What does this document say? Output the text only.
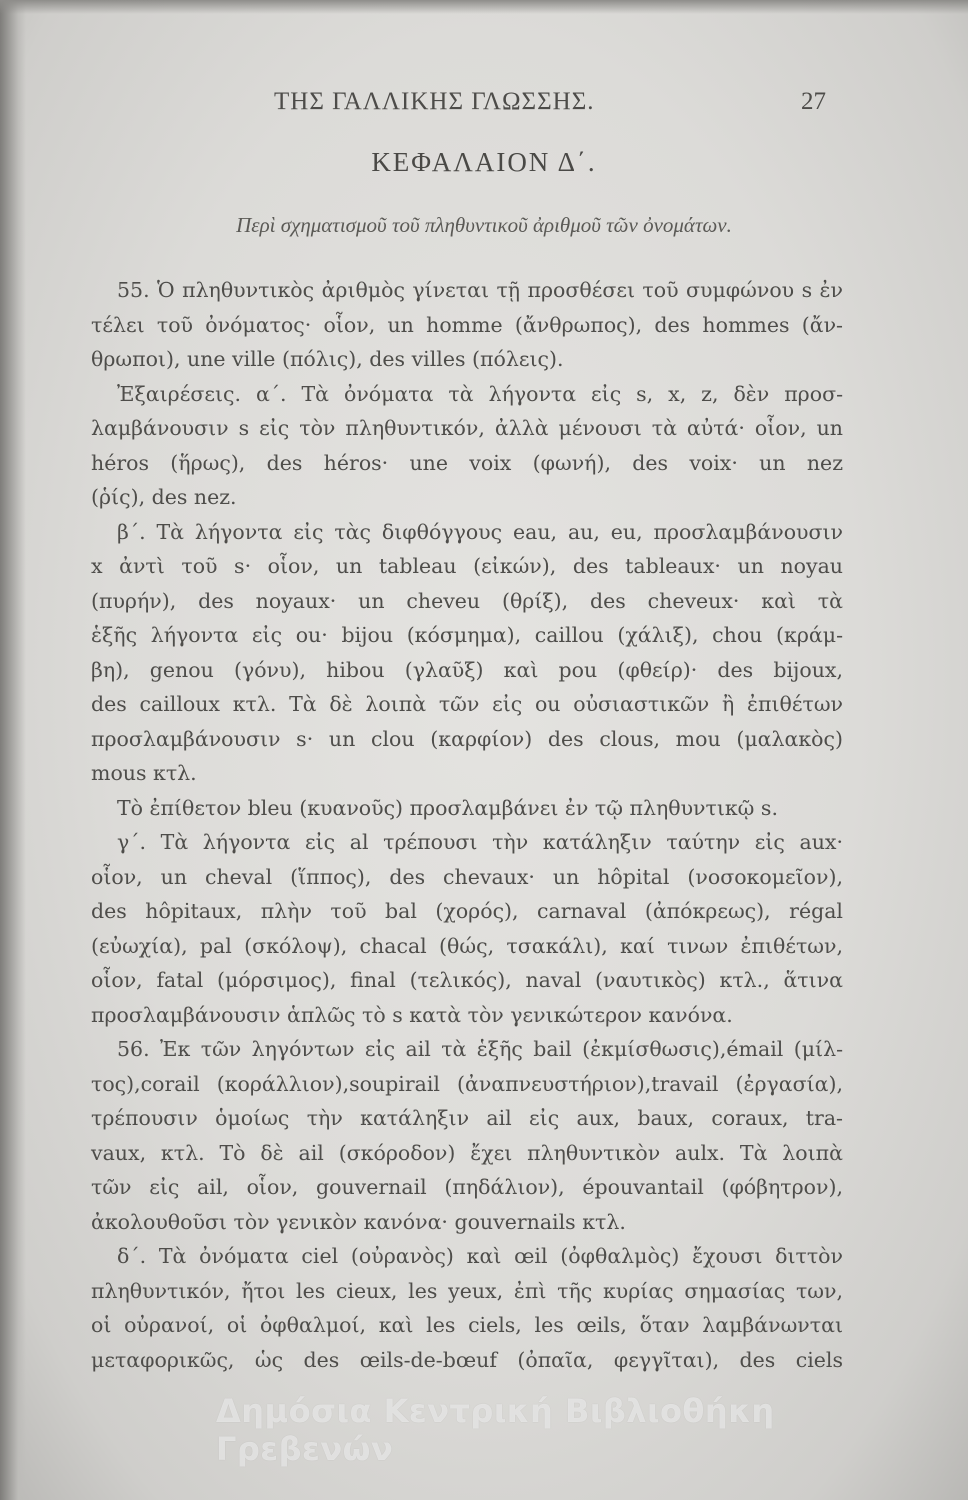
ΤΗΣ ΓΑΛΛΙΚΗΣ ΓΛΩΣΣΗΣ.	27
ΚΕΦΑΛΑΙΟΝ Δ΄.
Περὶ σχηματισμοῦ τοῦ πληθυντικοῦ ἀριθμοῦ τῶν ὀνομάτων.
55. Ὁ πληθυντικὸς ἀριθμὸς γίνεται τῇ προσθέσει τοῦ συμφώνου s ἐν
τέλει τοῦ ὀνόματος· οἷον, un homme (ἄνθρωπος), des hommes (ἄν-
θρωποι), une ville (πόλις), des villes (πόλεις).
Ἐξαιρέσεις. α΄. Τὰ ὀνόματα τὰ λήγοντα εἰς s, x, z, δὲν προσ-
λαμβάνουσιν s εἰς τὸν πληθυντικόν, ἀλλὰ μένουσι τὰ αὐτά· οἷον, un
héros (ἥρως), des héros· une voix (φωνή), des voix· un nez
(ῥίς), des nez.
β΄. Τὰ λήγοντα εἰς τὰς διφθόγγους eau, au, eu, προσλαμβάνουσιν
x ἀντὶ τοῦ s· οἷον, un tableau (εἰκών), des tableaux· un noyau
(πυρήν), des noyaux· un cheveu (θρίξ), des cheveux· καὶ τὰ
ἑξῆς λήγοντα εἰς ou· bijou (κόσμημα), caillou (χάλιξ), chou (κράμ-
βη), genou (γόνυ), hibou (γλαῦξ) καὶ pou (φθείρ)· des bijoux,
des cailloux κτλ. Τὰ δὲ λοιπὰ τῶν εἰς ou οὐσιαστικῶν ἢ ἐπιθέτων
προσλαμβάνουσιν s· un clou (καρφίον) des clous, mou (μαλακὸς)
mous κτλ.
Τὸ ἐπίθετον bleu (κυανοῦς) προσλαμβάνει ἐν τῷ πληθυντικῷ s.
γ΄. Τὰ λήγοντα εἰς al τρέπουσι τὴν κατάληξιν ταύτην εἰς aux·
οἷον, un cheval (ἵππος), des chevaux· un hôpital (νοσοκομεῖον),
des hôpitaux, πλὴν τοῦ bal (χορός), carnaval (ἀπόκρεως), régal
(εὐωχία), pal (σκόλοψ), chacal (θώς, τσακάλι), καί τινων ἐπιθέτων,
οἷον, fatal (μόρσιμος), final (τελικός), naval (ναυτικὸς) κτλ., ἅτινα
προσλαμβάνουσιν ἁπλῶς τὸ s κατὰ τὸν γενικώτερον κανόνα.
56. Ἐκ τῶν λη‍γόντων εἰς ail τὰ ἑξῆς bail (ἐκμίσθωσις),émail (μίλ-
τος),corail (κοράλλιον),soupirail (ἀναπνευστήριον),travail (ἐργασία),
τρέπουσιν ὁμοίως τὴν κατάληξιν ail εἰς aux, baux, coraux, tra-
vaux, κτλ. Τὸ δὲ ail (σκόροδον) ἔχει πληθυντικὸν aulx. Τὰ λοιπὰ
τῶν εἰς ail, οἷον, gouvernail (πηδάλιον), épouvantail (φόβητρον),
ἀκολουθοῦσι τὸν γενικὸν κανόνα· gouvernails κτλ.
δ΄. Τὰ ὀνόματα ciel (οὐρανὸς) καὶ œil (ὀφθαλμὸς) ἔχουσι διττὸν
πληθυντικόν, ἤτοι les cieux, les yeux, ἐπὶ τῆς κυρίας σημασίας των,
οἱ οὐρανοί, οἱ ὀφθαλμοί, καὶ les ciels, les œils, ὅταν λαμβάνωνται
μεταφορικῶς, ὡς des œils-de-bœuf (ὀπαῖα, φεγγῖται), des ciels
Δημόσια Κεντρική Βιβλιοθήκη Γρεβενών
